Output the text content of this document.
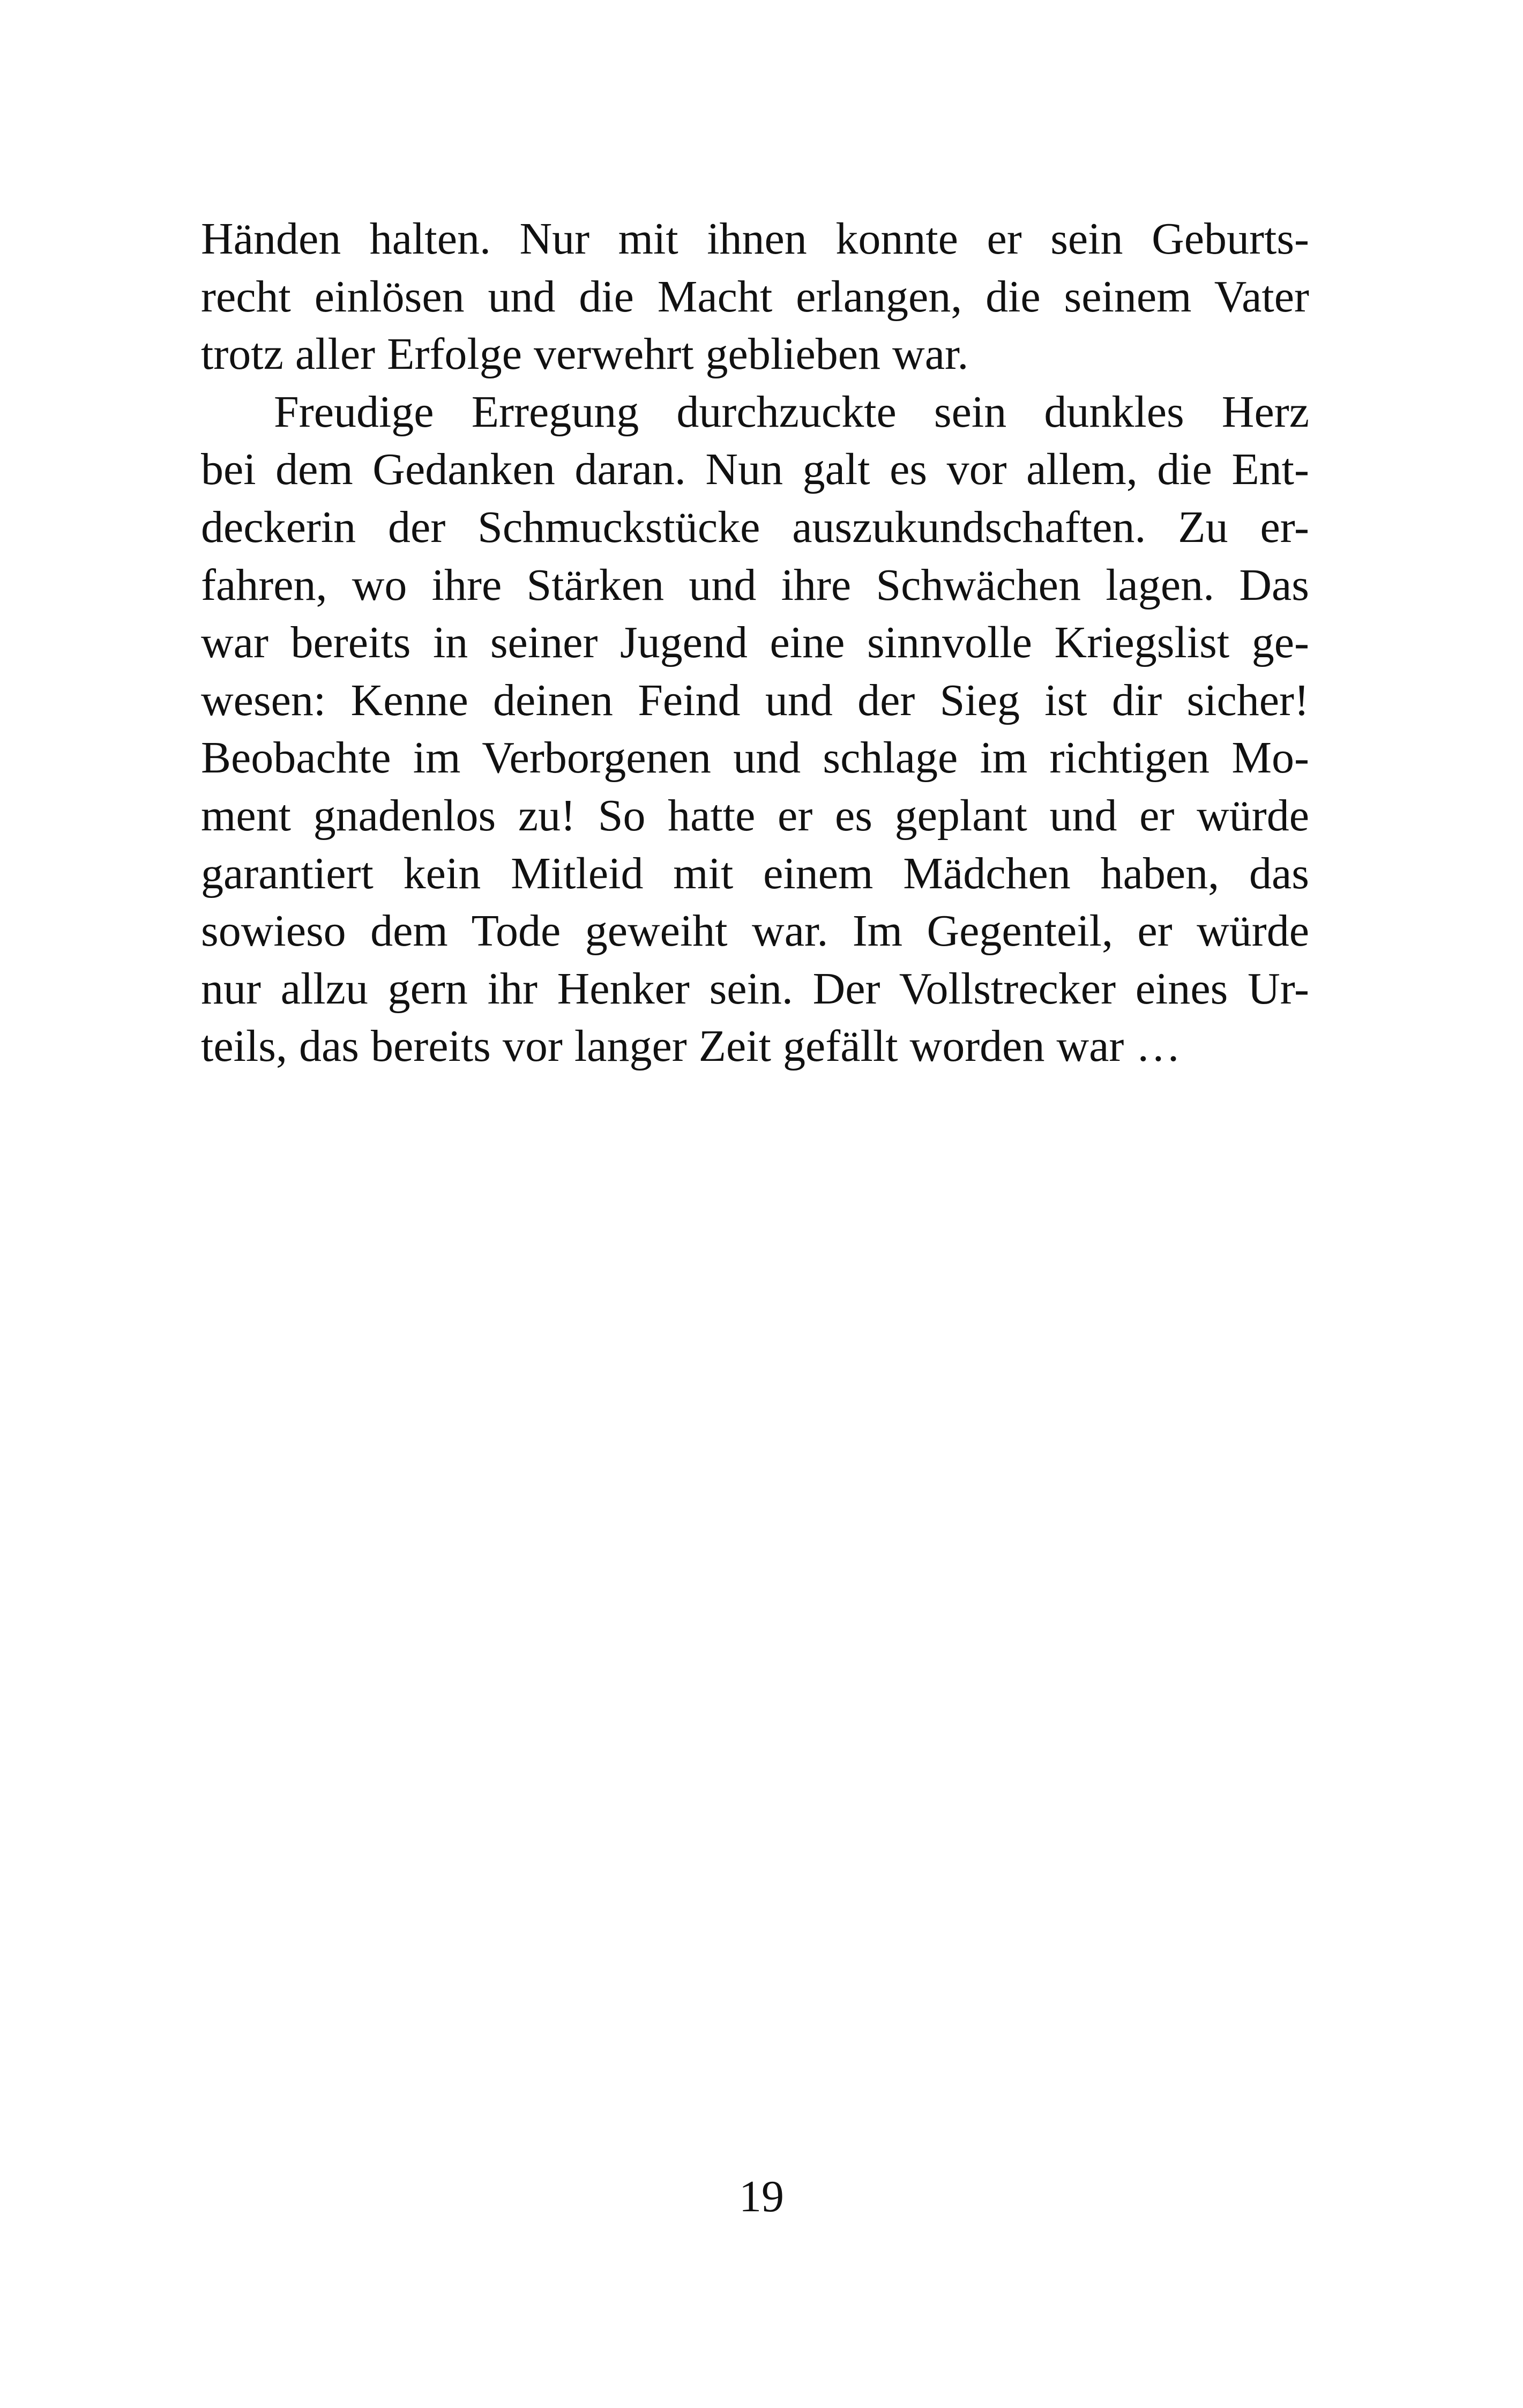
Händen halten. Nur mit ihnen konnte er sein Geburts-
recht einlösen und die Macht erlangen, die seinem Vater
trotz aller Erfolge verwehrt geblieben war.
Freudige Erregung durchzuckte sein dunkles Herz
bei dem Gedanken daran. Nun galt es vor allem, die Ent-
deckerin der Schmuckstücke auszukundschaften. Zu er-
fahren, wo ihre Stärken und ihre Schwächen lagen. Das
war bereits in seiner Jugend eine sinnvolle Kriegslist ge-
wesen: Kenne deinen Feind und der Sieg ist dir sicher!
Beobachte im Verborgenen und schlage im richtigen Mo-
ment gnadenlos zu! So hatte er es geplant und er würde
garantiert kein Mitleid mit einem Mädchen haben, das
sowieso dem Tode geweiht war. Im Gegenteil, er würde
nur allzu gern ihr Henker sein. Der Vollstrecker eines Ur-
teils, das bereits vor langer Zeit gefällt worden war …
19
